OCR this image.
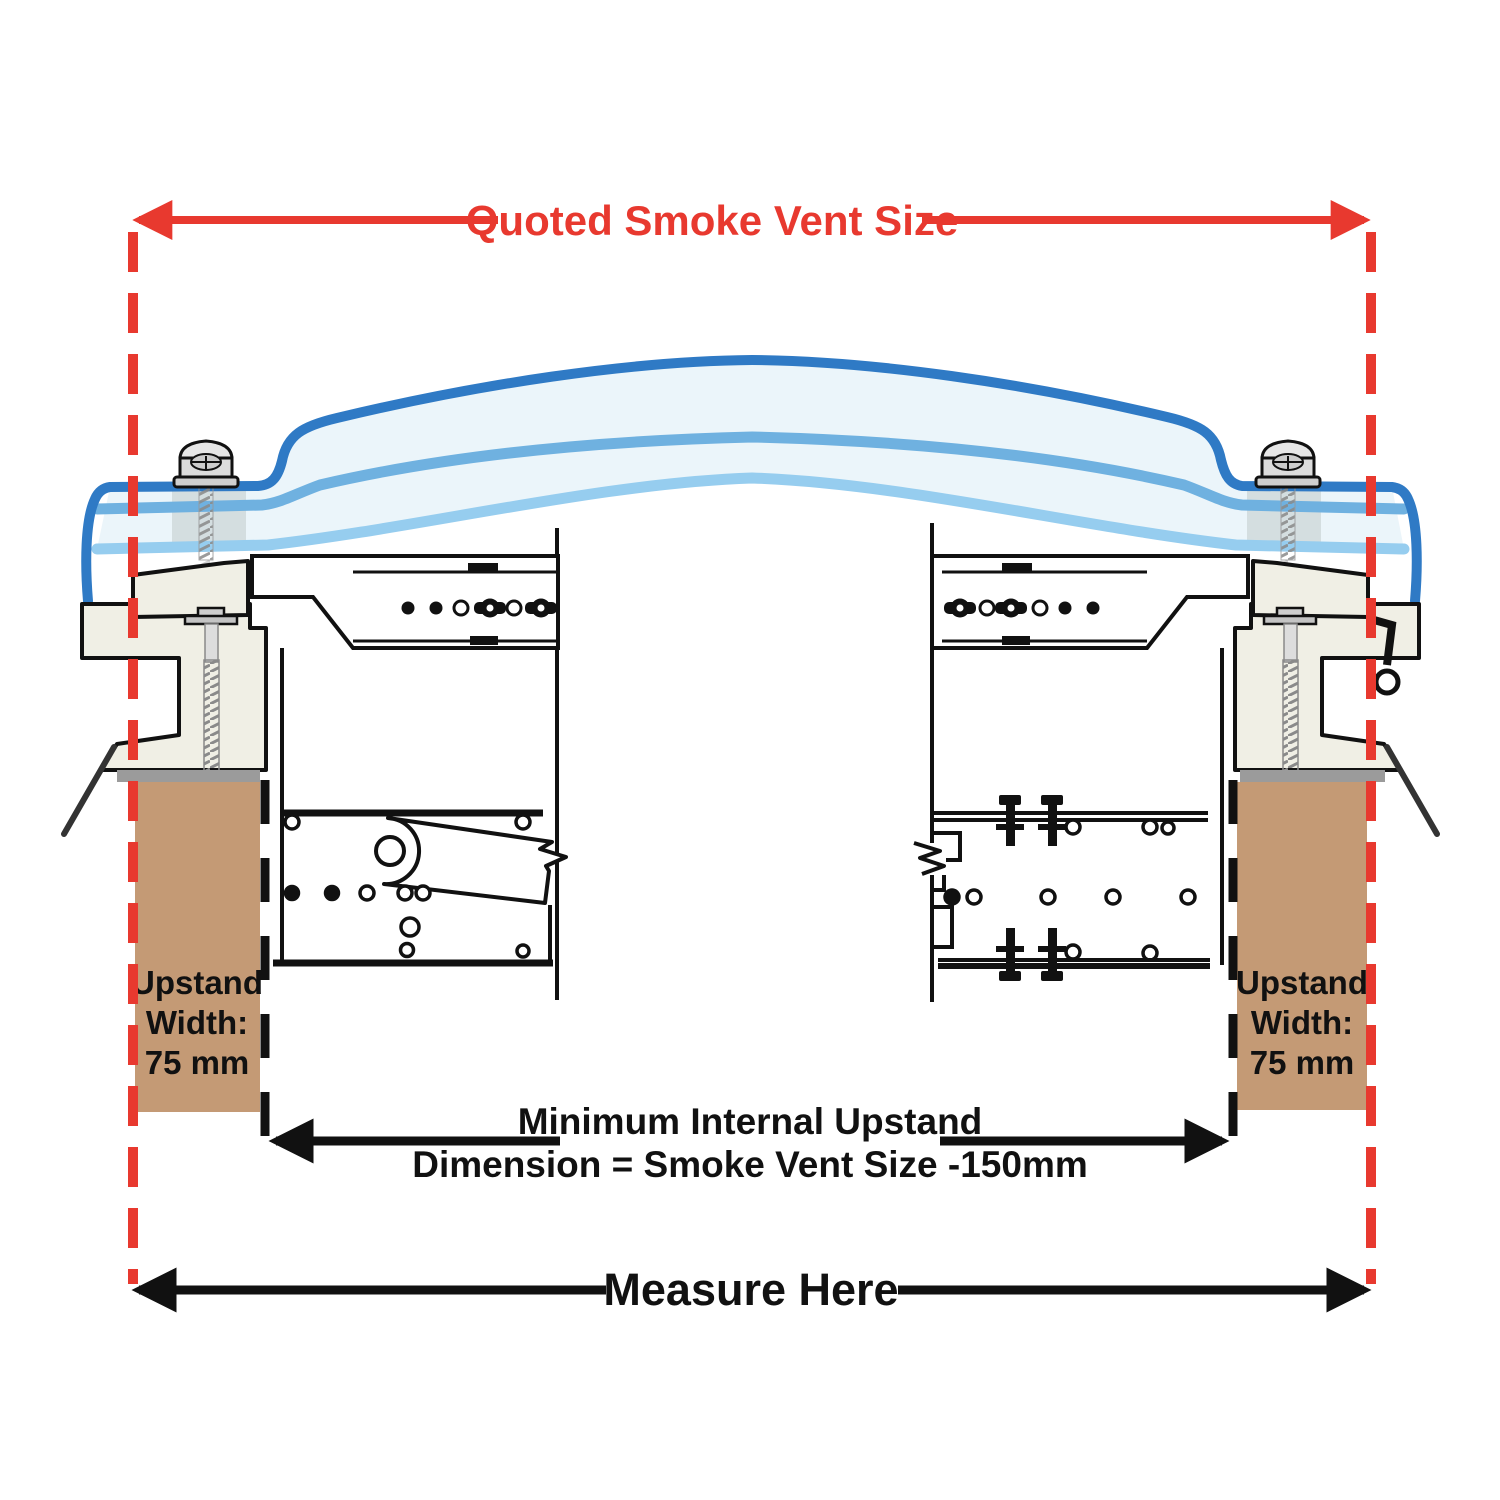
Upstand
Width:
75 mm
Upstand
Width:
75 mm
Minimum Internal Upstand
Dimension = Smoke Vent Size -150mm
Quoted Smoke Vent Size
Measure Here
